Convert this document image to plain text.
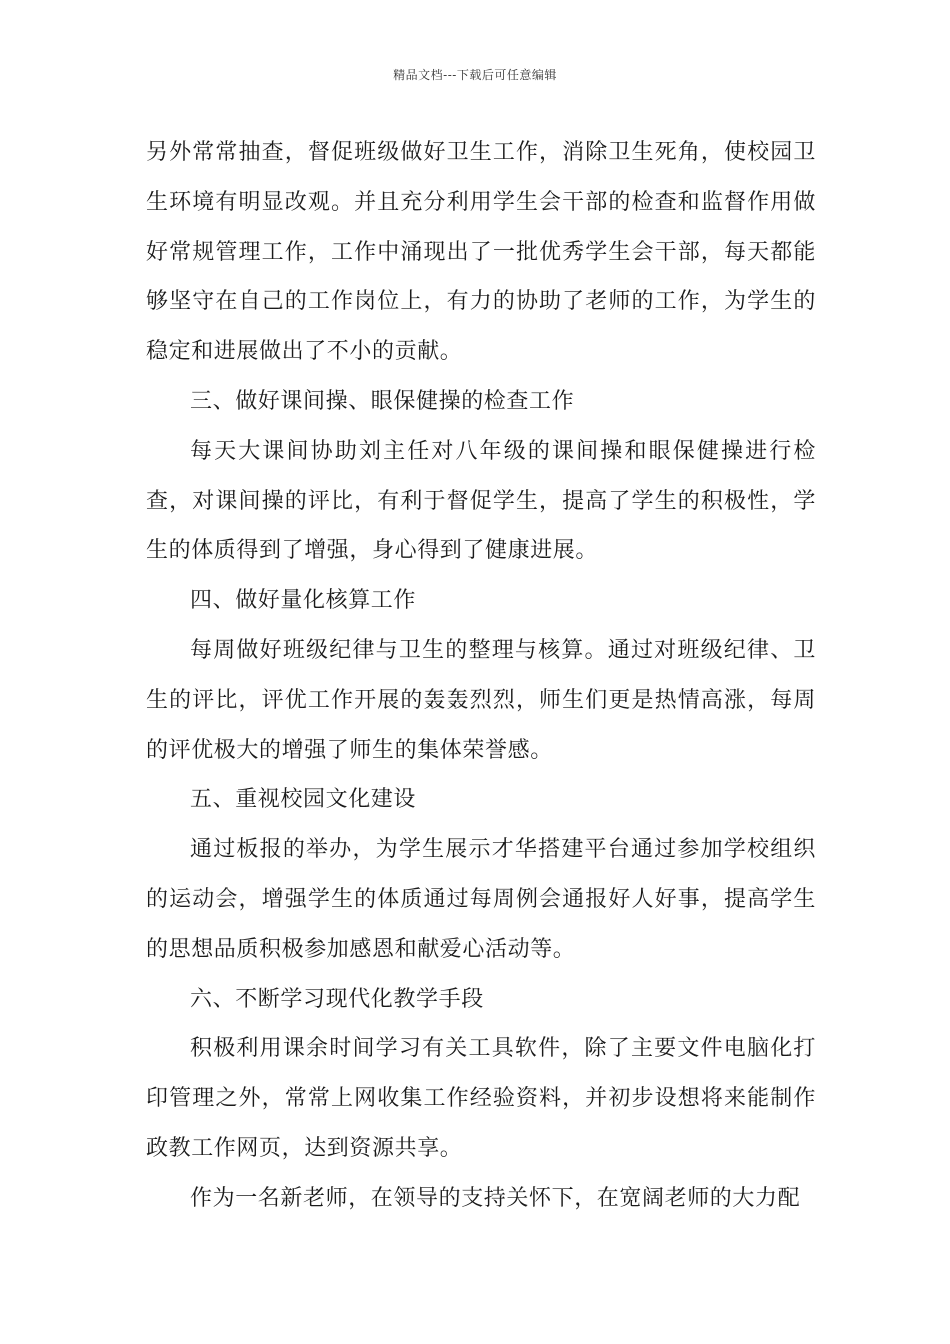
精品文档---下载后可任意编辑

另外常常抽查，督促班级做好卫生工作，消除卫生死角，使校园卫生环境有明显改观。并且充分利用学生会干部的检查和监督作用做好常规管理工作，工作中涌现出了一批优秀学生会干部，每天都能够坚守在自己的工作岗位上，有力的协助了老师的工作，为学生的稳定和进展做出了不小的贡献。

三、做好课间操、眼保健操的检查工作

每天大课间协助刘主任对八年级的课间操和眼保健操进行检查，对课间操的评比，有利于督促学生，提高了学生的积极性，学生的体质得到了增强，身心得到了健康进展。

四、做好量化核算工作

每周做好班级纪律与卫生的整理与核算。通过对班级纪律、卫生的评比，评优工作开展的轰轰烈烈，师生们更是热情高涨，每周的评优极大的增强了师生的集体荣誉感。

五、重视校园文化建设

通过板报的举办，为学生展示才华搭建平台通过参加学校组织的运动会，增强学生的体质通过每周例会通报好人好事，提高学生的思想品质积极参加感恩和献爱心活动等。

六、不断学习现代化教学手段

积极利用课余时间学习有关工具软件，除了主要文件电脑化打印管理之外，常常上网收集工作经验资料，并初步设想将来能制作政教工作网页，达到资源共享。

作为一名新老师，在领导的支持关怀下，在宽阔老师的大力配
